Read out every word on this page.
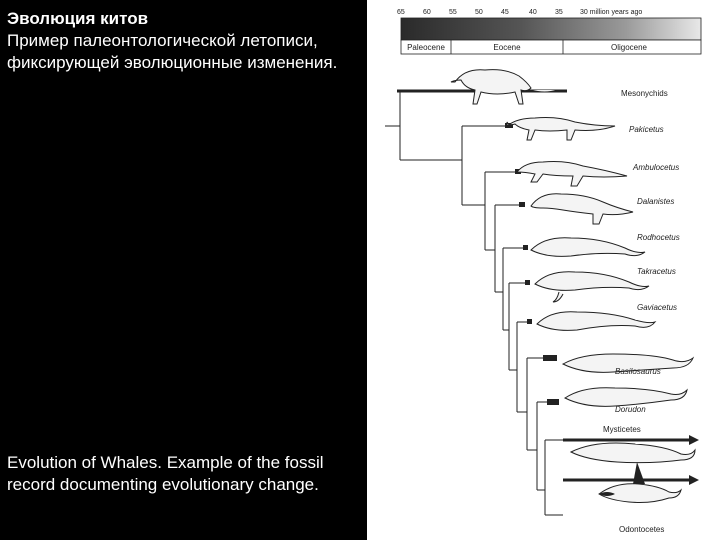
Эволюция китов
Пример палеонтологической летописи, фиксирующей эволюционные изменения.
Evolution of Whales. Example of the fossil record documenting evolutionary change.
65	60	55	50	45	40	35 30 million years ago
Paleocene	Eocene	Oligocene
Mesonychids
Pakicetus
Ambulocetus
Dalanistes
Rodhocetus
Takracetus
Gaviacetus
Basilosaurus
Dorudon
Mysticetes
Odontocetes
